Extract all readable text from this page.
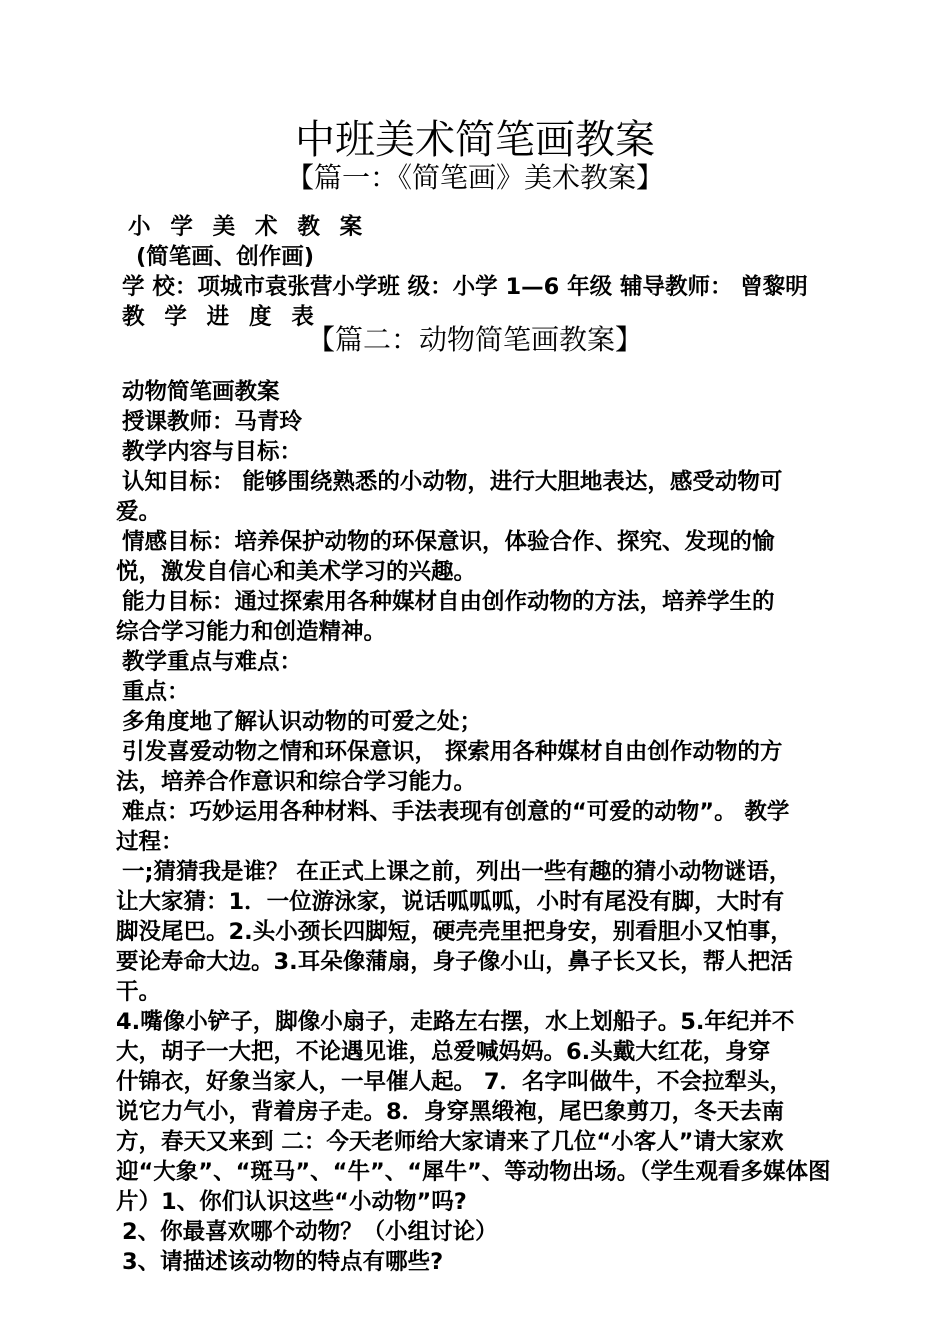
中班美术简笔画教案
【篇一：《简笔画》美术教案】

小 学 美 术 教 案

(简笔画、创作画)

学 校：项城市袁张营小学班 级：小学 1—6 年级 辅导教师： 曾黎明

教 学 进 度 表

【篇二：动物简笔画教案】

动物简笔画教案

授课教师：马青玲

教学内容与目标：

认知目标： 能够围绕熟悉的小动物，进行大胆地表达，感受动物可

爱。

情感目标：培养保护动物的环保意识，体验合作、探究、发现的愉

悦，激发自信心和美术学习的兴趣。

能力目标：通过探索用各种媒材自由创作动物的方法，培养学生的

综合学习能力和创造精神。

教学重点与难点：

重点：

多角度地了解认识动物的可爱之处；

引发喜爱动物之情和环保意识， 探索用各种媒材自由创作动物的方

法，培养合作意识和综合学习能力。

难点：巧妙运用各种材料、手法表现有创意的“可爱的动物”。 教学

过程：

一;猜猜我是谁？ 在正式上课之前，列出一些有趣的猜小动物谜语，

让大家猜：1．一位游泳家，说话呱呱呱，小时有尾没有脚，大时有

脚没尾巴。2.头小颈长四脚短，硬壳壳里把身安，别看胆小又怕事，

要论寿命大边。3.耳朵像蒲扇，身子像小山，鼻子长又长，帮人把活

干。

4.嘴像小铲子，脚像小扇子，走路左右摆，水上划船子。5.年纪并不

大，胡子一大把，不论遇见谁，总爱喊妈妈。6.头戴大红花，身穿

什锦衣，好象当家人，一早催人起。 7．名字叫做牛，不会拉犁头，

说它力气小，背着房子走。8．身穿黑缎袍，尾巴象剪刀，冬天去南

方，春天又来到 二：今天老师给大家请来了几位“小客人”请大家欢

迎“大象”、“斑马”、“牛”、“犀牛”、等动物出场。（学生观看多媒体图

片）1、你们认识这些“小动物”吗?

2、你最喜欢哪个动物？（小组讨论）

3、请描述该动物的特点有哪些?
